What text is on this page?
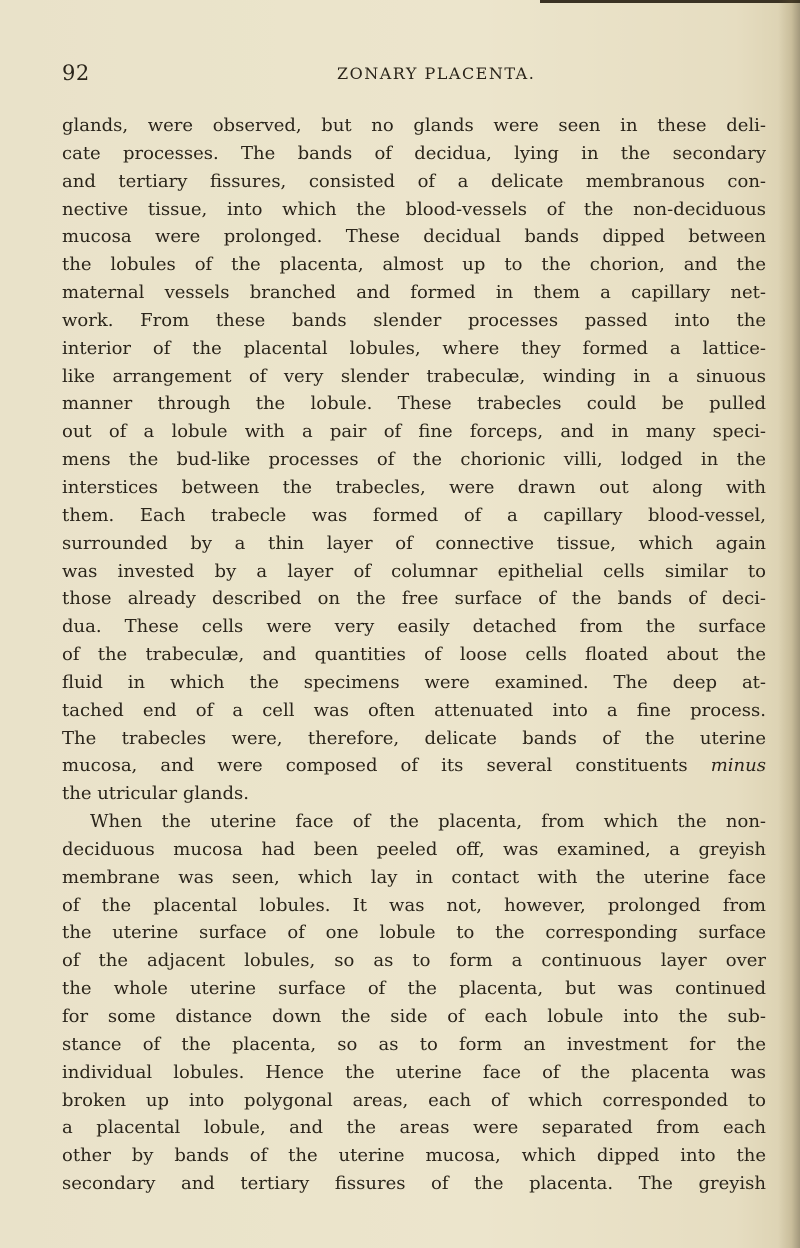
92	ZONARY PLACENTA.
glands, were observed, but no glands were seen in these deli-
cate processes. The bands of decidua, lying in the secondary
and tertiary fissures, consisted of a delicate membranous con-
nective tissue, into which the blood-vessels of the non-deciduous
mucosa were prolonged. These decidual bands dipped between
the lobules of the placenta, almost up to the chorion, and the
maternal vessels branched and formed in them a capillary net-
work. From these bands slender processes passed into the
interior of the placental lobules, where they formed a lattice-
like arrangement of very slender trabeculæ, winding in a sinuous
manner through the lobule. These trabecles could be pulled
out of a lobule with a pair of fine forceps, and in many speci-
mens the bud-like processes of the chorionic villi, lodged in the
interstices between the trabecles, were drawn out along with
them. Each trabecle was formed of a capillary blood-vessel,
surrounded by a thin layer of connective tissue, which again
was invested by a layer of columnar epithelial cells similar to
those already described on the free surface of the bands of deci-
dua. These cells were very easily detached from the surface
of the trabeculæ, and quantities of loose cells floated about the
fluid in which the specimens were examined. The deep at-
tached end of a cell was often attenuated into a fine process.
The trabecles were, therefore, delicate bands of the uterine
mucosa, and were composed of its several constituents minus
the utricular glands.
When the uterine face of the placenta, from which the non-
deciduous mucosa had been peeled off, was examined, a greyish
membrane was seen, which lay in contact with the uterine face
of the placental lobules. It was not, however, prolonged from
the uterine surface of one lobule to the corresponding surface
of the adjacent lobules, so as to form a continuous layer over
the whole uterine surface of the placenta, but was continued
for some distance down the side of each lobule into the sub-
stance of the placenta, so as to form an investment for the
individual lobules. Hence the uterine face of the placenta was
broken up into polygonal areas, each of which corresponded to
a placental lobule, and the areas were separated from each
other by bands of the uterine mucosa, which dipped into the
secondary and tertiary fissures of the placenta. The greyish
